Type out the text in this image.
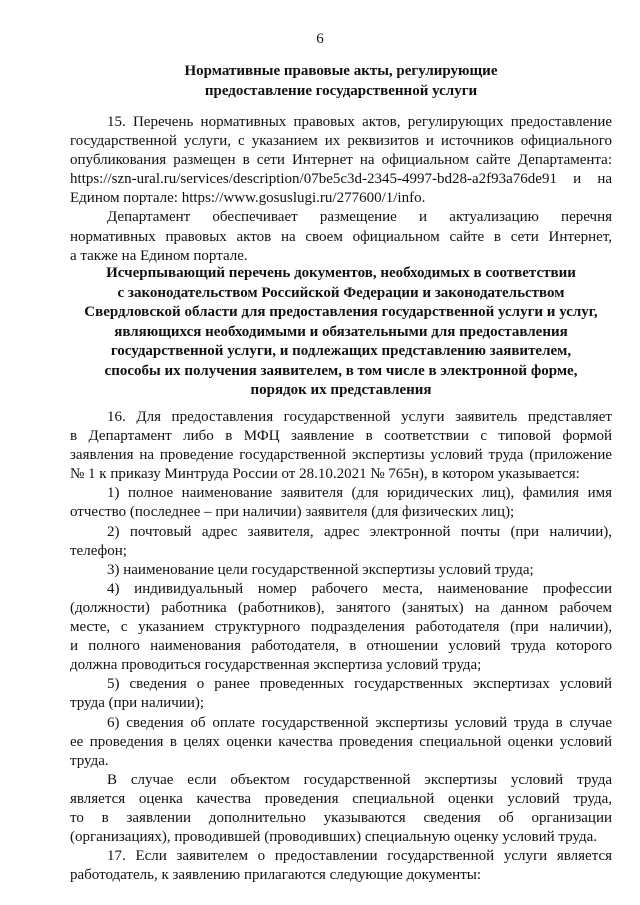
6
Нормативные правовые акты, регулирующие
предоставление государственной услуги
15. Перечень нормативных правовых актов, регулирующих предоставление
государственной услуги, с указанием их реквизитов и источников официального
опубликования размещен в сети Интернет на официальном сайте Департамента:
https://szn-ural.ru/services/description/07be5c3d-2345-4997-bd28-a2f93a76de91 и на
Едином портале: https://www.gosuslugi.ru/277600/1/info.
Департамент обеспечивает размещение и актуализацию перечня
нормативных правовых актов на своем официальном сайте в сети Интернет,
а также на Едином портале.
Исчерпывающий перечень документов, необходимых в соответствии
с законодательством Российской Федерации и законодательством
Свердловской области для предоставления государственной услуги и услуг,
являющихся необходимыми и обязательными для предоставления
государственной услуги, и подлежащих представлению заявителем,
способы их получения заявителем, в том числе в электронной форме,
порядок их представления
16. Для предоставления государственной услуги заявитель представляет
в Департамент либо в МФЦ заявление в соответствии с типовой формой
заявления на проведение государственной экспертизы условий труда (приложение
№ 1 к приказу Минтруда России от 28.10.2021 № 765н), в котором указывается:
1) полное наименование заявителя (для юридических лиц), фамилия имя
отчество (последнее – при наличии) заявителя (для физических лиц);
2) почтовый адрес заявителя, адрес электронной почты (при наличии),
телефон;
3) наименование цели государственной экспертизы условий труда;
4) индивидуальный номер рабочего места, наименование профессии
(должности) работника (работников), занятого (занятых) на данном рабочем
месте, с указанием структурного подразделения работодателя (при наличии),
и полного наименования работодателя, в отношении условий труда которого
должна проводиться государственная экспертиза условий труда;
5) сведения о ранее проведенных государственных экспертизах условий
труда (при наличии);
6) сведения об оплате государственной экспертизы условий труда в случае
ее проведения в целях оценки качества проведения специальной оценки условий
труда.
В случае если объектом государственной экспертизы условий труда
является оценка качества проведения специальной оценки условий труда,
то в заявлении дополнительно указываются сведения об организации
(организациях), проводившей (проводивших) специальную оценку условий труда.
17. Если заявителем о предоставлении государственной услуги является
работодатель, к заявлению прилагаются следующие документы:
